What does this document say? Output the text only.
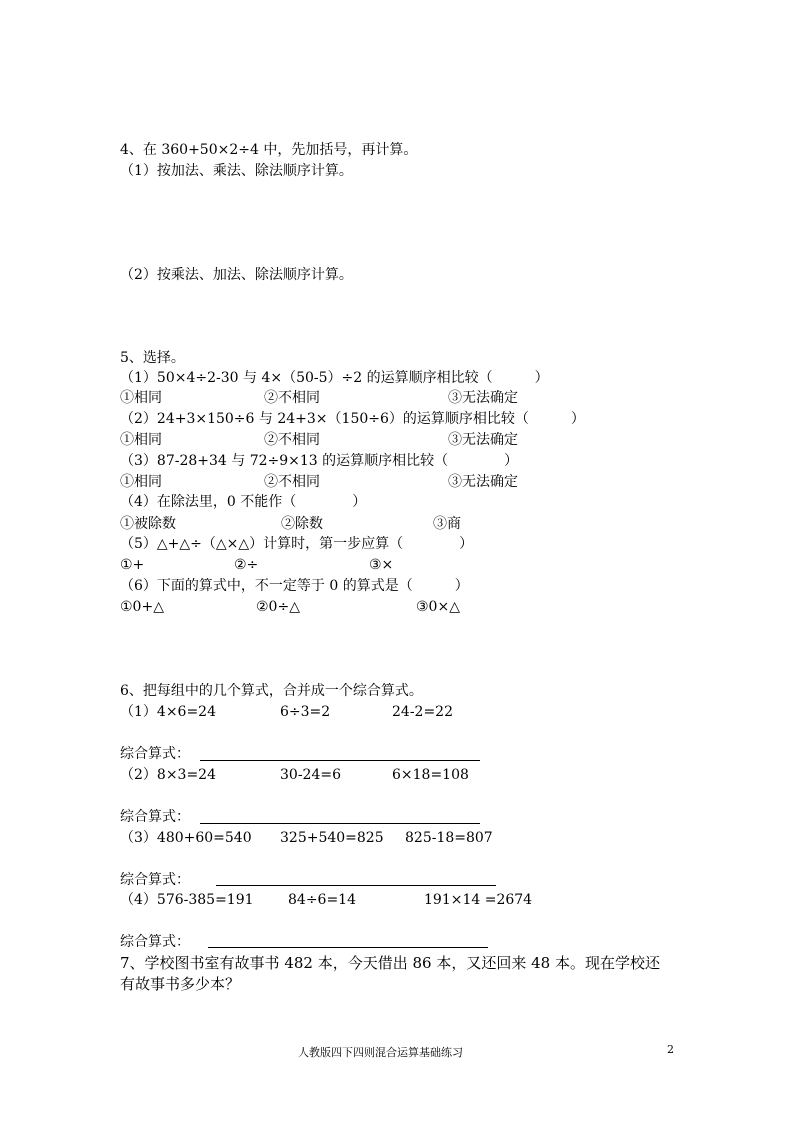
4、在 360+50×2÷4 中，先加括号，再计算。
（1）按加法、乘法、除法顺序计算。
（2）按乘法、加法、除法顺序计算。
5、选择。
（1）50×4÷2-30 与 4×（50-5）÷2 的运算顺序相比较（　　　）
①相同	②不相同	③无法确定
（2）24+3×150÷6 与 24+3×（150÷6）的运算顺序相比较（　　　）
①相同	②不相同	③无法确定
（3）87-28+34 与 72÷9×13 的运算顺序相比较（　　　　）
①相同	②不相同	③无法确定
（4）在除法里，0 不能作（　　　　）
①被除数	②除数	③商
（5）△+△÷（△×△）计算时，第一步应算（　　　　）
①+	②÷	③×
（6）下面的算式中，不一定等于 0 的算式是（　　　）
①0+△	②0÷△	③0×△
6、把每组中的几个算式，合并成一个综合算式。
（1）4×6=24	6÷3=2	24-2=22
综合算式：
（2）8×3=24	30-24=6	6×18=108
综合算式：
（3）480+60=540 325+540=825 825-18=807
综合算式：
（4）576-385=191 84÷6=14	191×14 =2674
综合算式：
7、学校图书室有故事书 482 本，今天借出 86 本，又还回来 48 本。现在学校还
有故事书多少本？
人教版四下四则混合运算基础练习	2
